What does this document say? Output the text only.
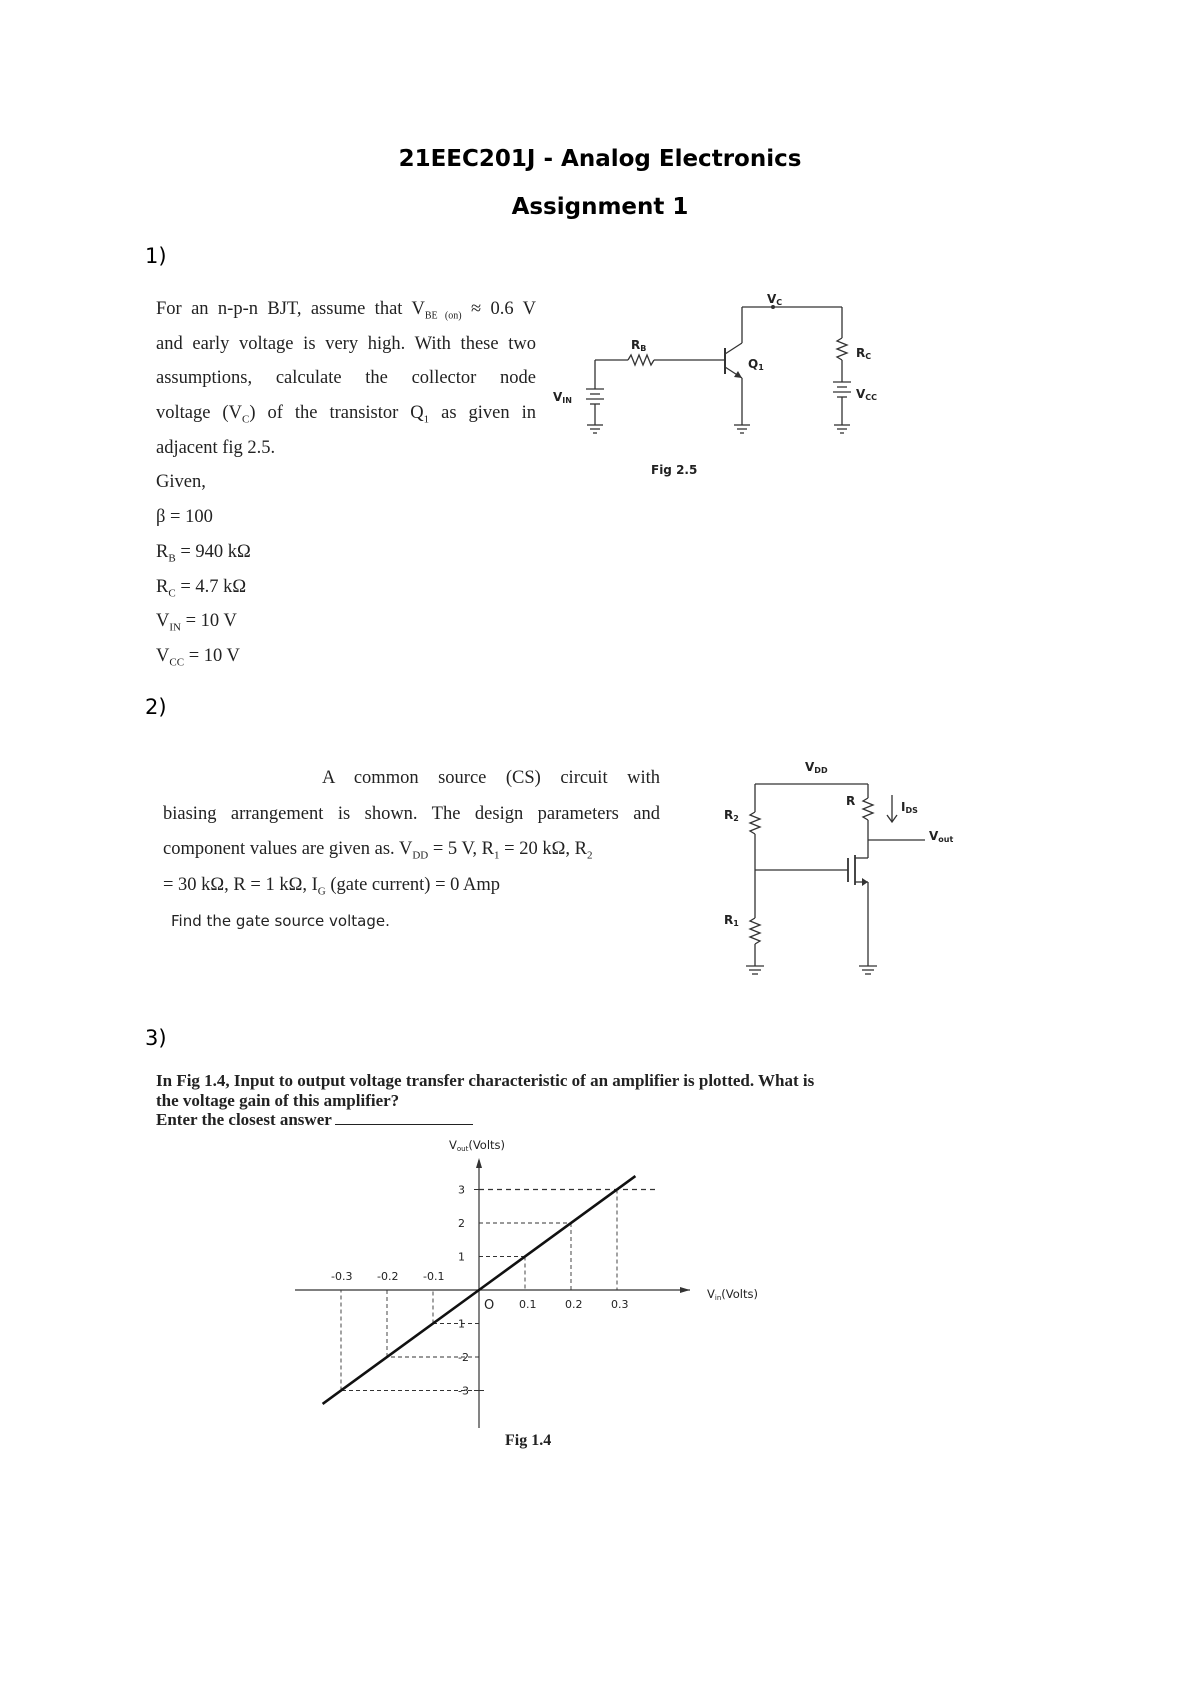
21EEC201J - Analog Electronics
Assignment 1
1)
For an n-p-n BJT, assume that $V_{BE (on)} \approx 0.6$ V
and early voltage is very high. With these two
assumptions, calculate the collector node
voltage $(V_C)$ of the transistor $Q_1$ as given in
adjacent fig 2.5.
Given,
β = 100
$R_B = 940$ kΩ
$R_C = 4.7$ kΩ
$V_{IN} = 10$ V
$V_{CC} = 10$ V
VC
RB
Q1
RC
VCC
VIN
Fig 2.5
2)
A common source (CS) circuit with
biasing arrangement is shown. The design parameters and
component values are given as. $V_{DD} = 5$ V, $R_1 = 20$ kΩ, $R_2$
= 30 kΩ, R = 1 kΩ, $I_G$ (gate current) = 0 Amp
Find the gate source voltage.
VDD
R2
R	IDS
Vout
R1
3)
In Fig 1.4, Input to output voltage transfer characteristic of an amplifier is plotted. What is
the voltage gain of this amplifier?
Enter the closest answer
-0.3 -0.2 -0.1
0.1	0.2	0.3
3
2
1
1
-2
-3
Vout(Volts)
Vin(Volts)
O
Fig 1.4
